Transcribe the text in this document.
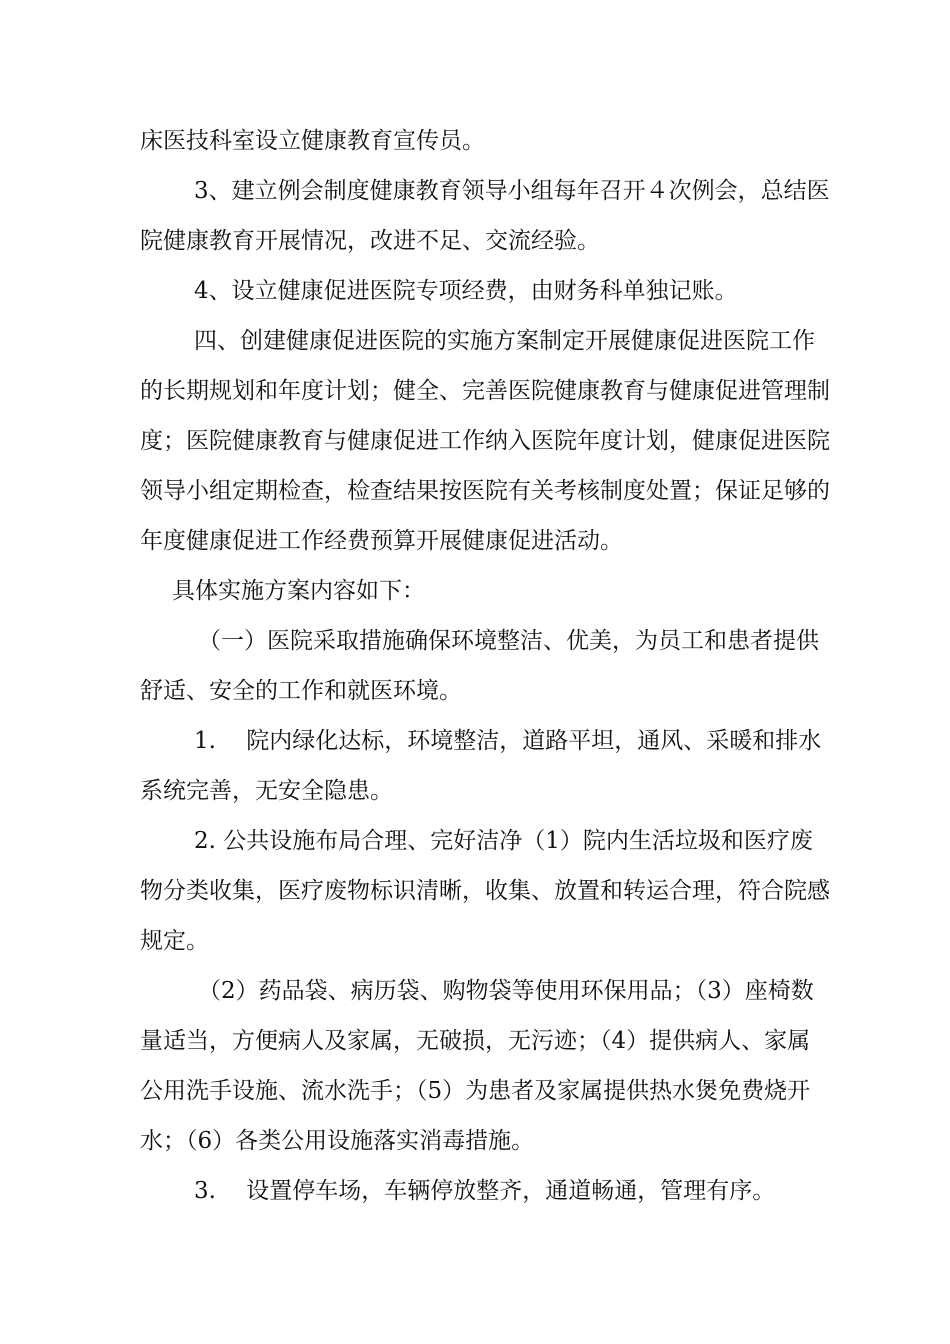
床医技科室设立健康教育宣传员。
3、建立例会制度健康教育领导小组每年召开４次例会，总结医
院健康教育开展情况，改进不足、交流经验。
4、设立健康促进医院专项经费，由财务科单独记账。
四、创建健康促进医院的实施方案制定开展健康促进医院工作
的长期规划和年度计划；健全、完善医院健康教育与健康促进管理制
度；医院健康教育与健康促进工作纳入医院年度计划，健康促进医院
领导小组定期检查，检查结果按医院有关考核制度处置；保证足够的
年度健康促进工作经费预算开展健康促进活动。
具体实施方案内容如下：
（一）医院采取措施确保环境整洁、优美，为员工和患者提供
舒适、安全的工作和就医环境。
1.　 院内绿化达标，环境整洁，道路平坦，通风、采暖和排水
系统完善，无安全隐患。
2. 公共设施布局合理、完好洁净（1）院内生活垃圾和医疗废
物分类收集，医疗废物标识清晰，收集、放置和转运合理，符合院感
规定。
（2）药品袋、病历袋、购物袋等使用环保用品；（3）座椅数
量适当，方便病人及家属，无破损，无污迹；（4）提供病人、家属
公用洗手设施、流水洗手；（5）为患者及家属提供热水煲免费烧开
水；（6）各类公用设施落实消毒措施。
3.　 设置停车场，车辆停放整齐，通道畅通，管理有序。
